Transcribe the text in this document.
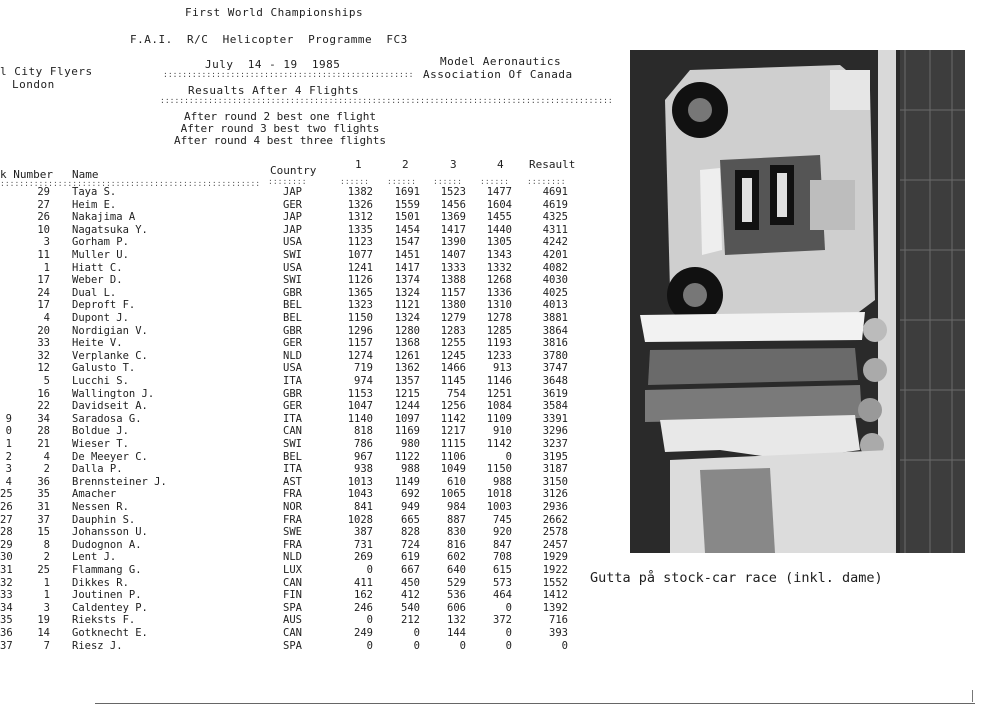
First World Championships
F.A.I.  R/C  Helicopter  Programme  FC3
l City Flyers
London
July  14 - 19  1985
::::::::::::::::::::::::::::::::::::::::::::::::::::
Model Aeronautics
Association Of Canada
Resualts After 4 Flights
::::::::::::::::::::::::::::::::::::::::::::::::::::::::::::::::::::::::::::::::::::::::::::::
After round 2 best one flight
After round 3 best two flights
After round 4 best three flights
k Number Name	Country	1	2	3	4 Resault
:::::::::::::::::::::::::::::::::::::::::::::::::::::: ::::::::	:::::: :::::: :::::: :::::: ::::::::
29 Taya S.	JAP	1382	1691	1523	1477	4691
27 Heim E.	GER	1326	1559	1456	1604	4619
26 Nakajima A	JAP	1312	1501	1369	1455	4325
10 Nagatsuka Y.	JAP	1335	1454	1417	1440	4311
3 Gorham P.	USA	1123	1547	1390	1305	4242
11 Muller U.	SWI	1077	1451	1407	1343	4201
1 Hiatt C.	USA	1241	1417	1333	1332	4082
17 Weber D.	SWI	1126	1374	1388	1268	4030
24 Dual L.	GBR	1365	1324	1157	1336	4025
17 Deproft F.	BEL	1323	1121	1380	1310	4013
4 Dupont J.	BEL	1150	1324	1279	1278	3881
20 Nordigian V.	GBR	1296	1280	1283	1285	3864
33 Heite V.	GER	1157	1368	1255	1193	3816
32 Verplanke C.	NLD	1274	1261	1245	1233	3780
12 Galusto T.	USA	719	1362	1466	913	3747
5 Lucchi S.	ITA	974	1357	1145	1146	3648
16 Wallington J.	GBR	1153	1215	754	1251	3619
22 Davidseit A.	GER	1047	1244	1256	1084	3584
9	34 Saradosa G.	ITA	1140	1097	1142	1109	3391
0	28 Boldue J.	CAN	818	1169	1217	910	3296
1	21 Wieser T.	SWI	786	980	1115	1142	3237
2	4 De Meeyer C.	BEL	967	1122	1106	0	3195
3	2 Dalla P.	ITA	938	988	1049	1150	3187
4	36 Brennsteiner J.	AST	1013	1149	610	988	3150
25	35 Amacher	FRA	1043	692	1065	1018	3126
26	31 Nessen R.	NOR	841	949	984	1003	2936
27	37 Dauphin S.	FRA	1028	665	887	745	2662
28	15 Johansson U.	SWE	387	828	830	920	2578
29	8 Dudognon A.	FRA	731	724	816	847	2457
30	2 Lent J.	NLD	269	619	602	708	1929
31	25 Flammang G.	LUX	0	667	640	615	1922
32	1 Dikkes R.	CAN	411	450	529	573	1552
33	1 Joutinen P.	FIN	162	412	536	464	1412
34	3 Caldentey P.	SPA	246	540	606	0	1392
35	19 Rieksts F.	AUS	0	212	132	372	716
36	14 Gotknecht E.	CAN	249	0	144	0	393
37	7 Riesz J.	SPA	0	0	0	0	0
Gutta på stock-car race (inkl. dame)
